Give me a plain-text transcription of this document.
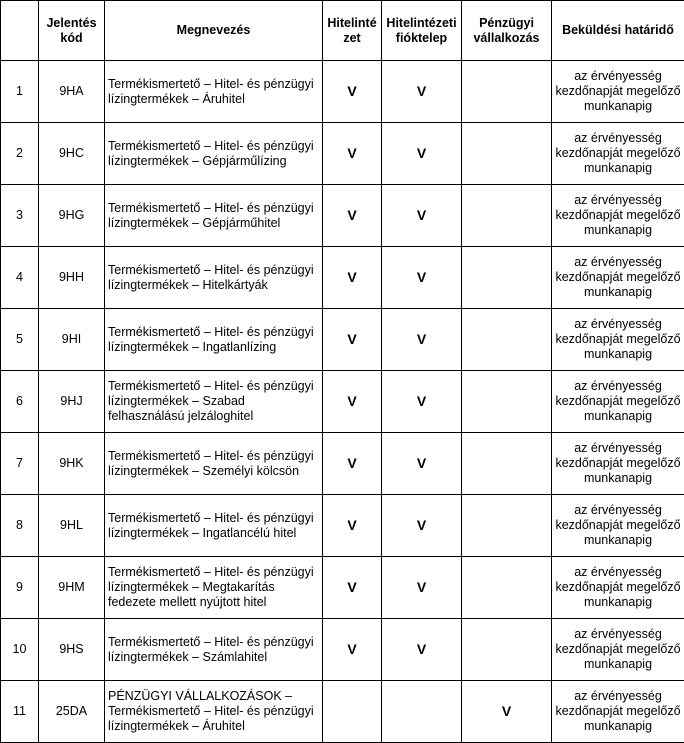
	Jelentés kód	Megnevezés	Hitelinté zet	Hitelintézeti fióktelep	Pénzügyi vállalkozás	Beküldési határidő
1	9HA	Termékismertető – Hitel- és pénzügyi lízingtermékek – Áruhitel	V	V		az érvényesség kezdőnapját megelőző munkanapig
2	9HC	Termékismertető – Hitel- és pénzügyi lízingtermékek – Gépjárműlízing	V	V		az érvényesség kezdőnapját megelőző munkanapig
3	9HG	Termékismertető – Hitel- és pénzügyi lízingtermékek – Gépjárműhitel	V	V		az érvényesség kezdőnapját megelőző munkanapig
4	9HH	Termékismertető – Hitel- és pénzügyi lízingtermékek – Hitelkártyák	V	V		az érvényesség kezdőnapját megelőző munkanapig
5	9HI	Termékismertető – Hitel- és pénzügyi lízingtermékek – Ingatlanlízing	V	V		az érvényesség kezdőnapját megelőző munkanapig
6	9HJ	Termékismertető – Hitel- és pénzügyi lízingtermékek – Szabad felhasználású jelzáloghitel	V	V		az érvényesség kezdőnapját megelőző munkanapig
7	9HK	Termékismertető – Hitel- és pénzügyi lízingtermékek – Személyi kölcsön	V	V		az érvényesség kezdőnapját megelőző munkanapig
8	9HL	Termékismertető – Hitel- és pénzügyi lízingtermékek – Ingatlancélú hitel	V	V		az érvényesség kezdőnapját megelőző munkanapig
9	9HM	Termékismertető – Hitel- és pénzügyi lízingtermékek – Megtakarítás fedezete mellett nyújtott hitel	V	V		az érvényesség kezdőnapját megelőző munkanapig
10	9HS	Termékismertető – Hitel- és pénzügyi lízingtermékek – Számlahitel	V	V		az érvényesség kezdőnapját megelőző munkanapig
11	25DA	PÉNZÜGYI VÁLLALKOZÁSOK – Termékismertető – Hitel- és pénzügyi lízingtermékek – Áruhitel			V	az érvényesség kezdőnapját megelőző munkanapig
